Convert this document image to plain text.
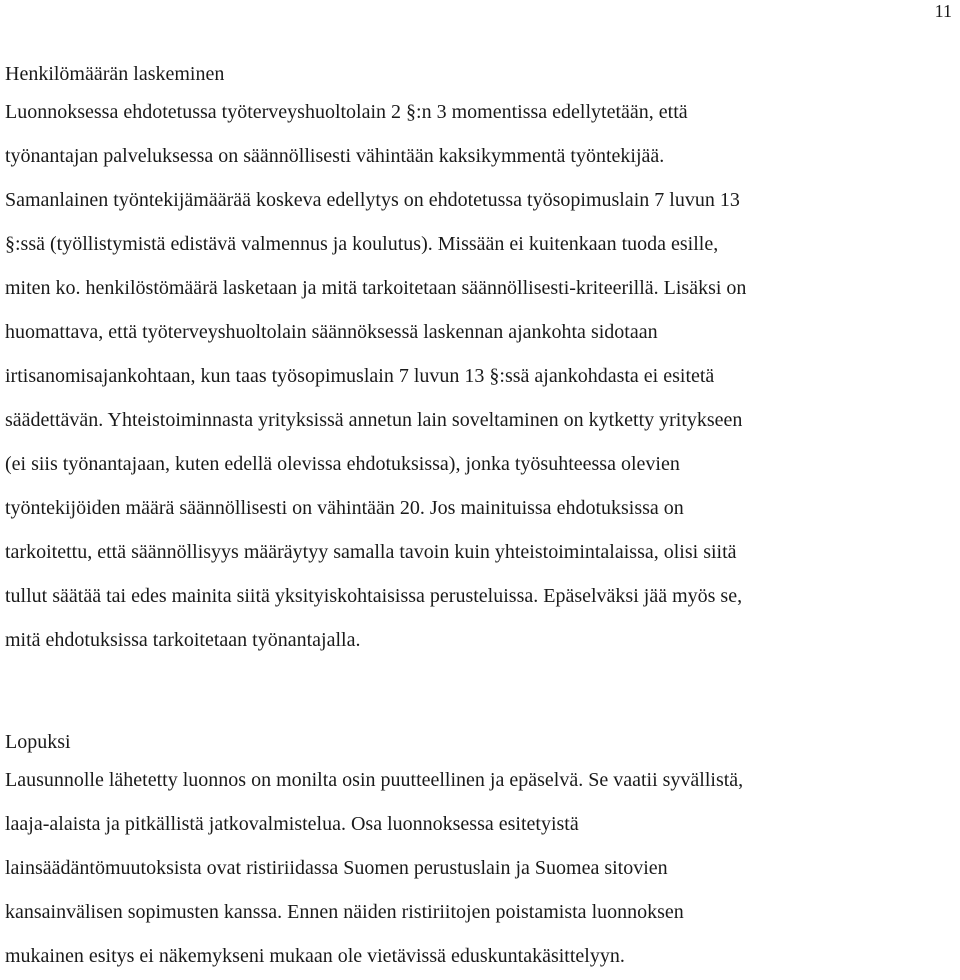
11
Henkilömäärän laskeminen
Luonnoksessa ehdotetussa työterveyshuoltolain 2 §:n 3 momentissa edellytetään, että
työnantajan palveluksessa on säännöllisesti vähintään kaksikymmentä työntekijää.
Samanlainen työntekijämäärää koskeva edellytys on ehdotetussa työsopimuslain 7 luvun 13
§:ssä (työllistymistä edistävä valmennus ja koulutus). Missään ei kuitenkaan tuoda esille,
miten ko. henkilöstömäärä lasketaan ja mitä tarkoitetaan säännöllisesti-kriteerillä. Lisäksi on
huomattava, että työterveyshuoltolain säännöksessä laskennan ajankohta sidotaan
irtisanomisajankohtaan, kun taas työsopimuslain 7 luvun 13 §:ssä ajankohdasta ei esitetä
säädettävän. Yhteistoiminnasta yrityksissä annetun lain soveltaminen on kytketty yritykseen
(ei siis työnantajaan, kuten edellä olevissa ehdotuksissa), jonka työsuhteessa olevien
työntekijöiden määrä säännöllisesti on vähintään 20. Jos mainituissa ehdotuksissa on
tarkoitettu, että säännöllisyys määräytyy samalla tavoin kuin yhteistoimintalaissa, olisi siitä
tullut säätää tai edes mainita siitä yksityiskohtaisissa perusteluissa. Epäselväksi jää myös se,
mitä ehdotuksissa tarkoitetaan työnantajalla.
Lopuksi
Lausunnolle lähetetty luonnos on monilta osin puutteellinen ja epäselvä. Se vaatii syvällistä,
laaja-alaista ja pitkällistä jatkovalmistelua. Osa luonnoksessa esitetyistä
lainsäädäntömuutoksista ovat ristiriidassa Suomen perustuslain ja Suomea sitovien
kansainvälisen sopimusten kanssa. Ennen näiden ristiriitojen poistamista luonnoksen
mukainen esitys ei näkemykseni mukaan ole vietävissä eduskuntakäsittelyyn.
